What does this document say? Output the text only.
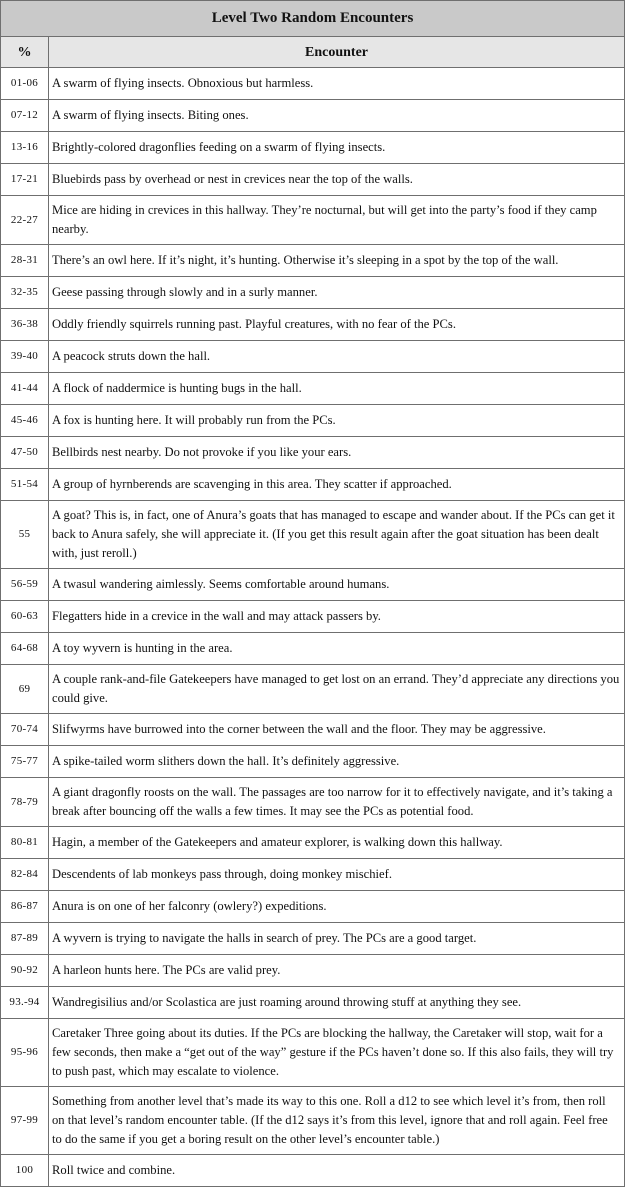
Level Two Random Encounters	
%	Encounter
01-06	A swarm of flying insects. Obnoxious but harmless.
07-12	A swarm of flying insects. Biting ones.
13-16	Brightly-colored dragonflies feeding on a swarm of flying insects.
17-21	Bluebirds pass by overhead or nest in crevices near the top of the walls.
22-27	Mice are hiding in crevices in this hallway. They’re nocturnal, but will get into the party’s food if they camp nearby.
28-31	There’s an owl here. If it’s night, it’s hunting. Otherwise it’s sleeping in a spot by the top of the wall.
32-35	Geese passing through slowly and in a surly manner.
36-38	Oddly friendly squirrels running past. Playful creatures, with no fear of the PCs.
39-40	A peacock struts down the hall.
41-44	A flock of naddermice is hunting bugs in the hall.
45-46	A fox is hunting here. It will probably run from the PCs.
47-50	Bellbirds nest nearby. Do not provoke if you like your ears.
51-54	A group of hyrnberends are scavenging in this area. They scatter if approached.
55	A goat? This is, in fact, one of Anura’s goats that has managed to escape and wander about. If the PCs can get it back to Anura safely, she will appreciate it. (If you get this result again after the goat situation has been dealt with, just reroll.)
56-59	A twasul wandering aimlessly. Seems comfortable around humans.
60-63	Flegatters hide in a crevice in the wall and may attack passers by.
64-68	A toy wyvern is hunting in the area.
69	A couple rank-and-file Gatekeepers have managed to get lost on an errand. They’d appreciate any directions you could give.
70-74	Slifwyrms have burrowed into the corner between the wall and the floor. They may be aggressive.
75-77	A spike-tailed worm slithers down the hall. It’s definitely aggressive.
78-79	A giant dragonfly roosts on the wall. The passages are too narrow for it to effectively navigate, and it’s taking a break after bouncing off the walls a few times. It may see the PCs as potential food.
80-81	Hagin, a member of the Gatekeepers and amateur explorer, is walking down this hallway.
82-84	Descendents of lab monkeys pass through, doing monkey mischief.
86-87	Anura is on one of her falconry (owlery?) expeditions.
87-89	A wyvern is trying to navigate the halls in search of prey. The PCs are a good target.
90-92	A harleon hunts here. The PCs are valid prey.
93.-94	Wandregisilius and/or Scolastica are just roaming around throwing stuff at anything they see.
95-96	Caretaker Three going about its duties. If the PCs are blocking the hallway, the Caretaker will stop, wait for a few seconds, then make a “get out of the way” gesture if the PCs haven’t done so. If this also fails, they will try to push past, which may escalate to violence.
97-99	Something from another level that’s made its way to this one. Roll a d12 to see which level it’s from, then roll on that level’s random encounter table. (If the d12 says it’s from this level, ignore that and roll again. Feel free to do the same if you get a boring result on the other level’s encounter table.)
100	Roll twice and combine.
